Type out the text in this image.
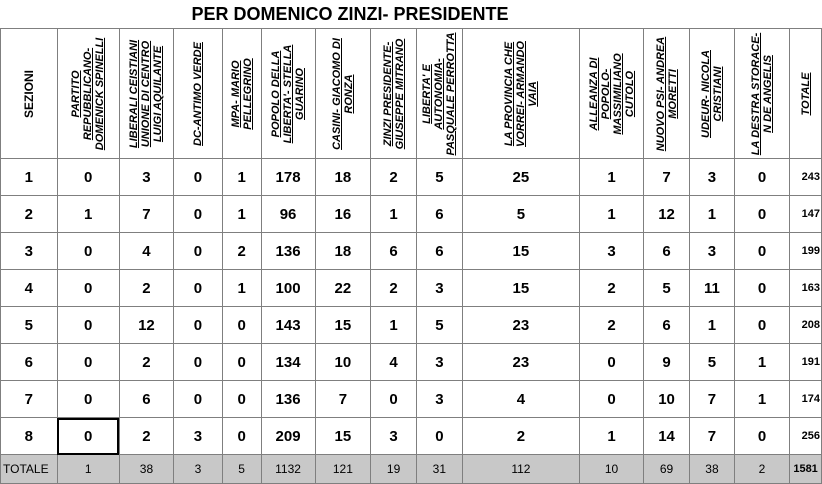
PER DOMENICO ZINZI- PRESIDENTE
SEZIONI	PARTITO REPUBBLICANO- DOMENICK SPINELLI	LIBERALI CEISTIANI UNIONE DI CENTRO LUIGI AQUILANTE	DC-ANTIMO VERDE	MPA- MARIO PELLEGRINO	POPOLO DELLA LIBERTA'- STELLA GUARINO	CASINI- GIACOMO DI RONZA	ZINZI PRESIDENTE- GIUSEPPE MITRANO	LIBERTA' E AUTONOMIA- PASQUALE PERROTTA	LA PROVINCIA CHE VORREI- ARMANDO VAIA	ALLEANZA DI POPOLO- MASSIMILIANO CUTOLO	NUOVO PSI- ANDREA MORETTI	UDEUR- NICOLA CRISTIANI	LA DESTRA STORACE- N DE ANGELIS	TOTALE

1	0	3	0	1	178	18	2	5	25	1	7	3	0	243
2	1	7	0	1	96	16	1	6	5	1	12	1	0	147
3	0	4	0	2	136	18	6	6	15	3	6	3	0	199
4	0	2	0	1	100	22	2	3	15	2	5	11	0	163
5	0	12	0	0	143	15	1	5	23	2	6	1	0	208
6	0	2	0	0	134	10	4	3	23	0	9	5	1	191
7	0	6	0	0	136	7	0	3	4	0	10	7	1	174
8	0	2	3	0	209	15	3	0	2	1	14	7	0	256
TOTALE	1	38	3	5	1132	121	19	31	112	10	69	38	2	1581
